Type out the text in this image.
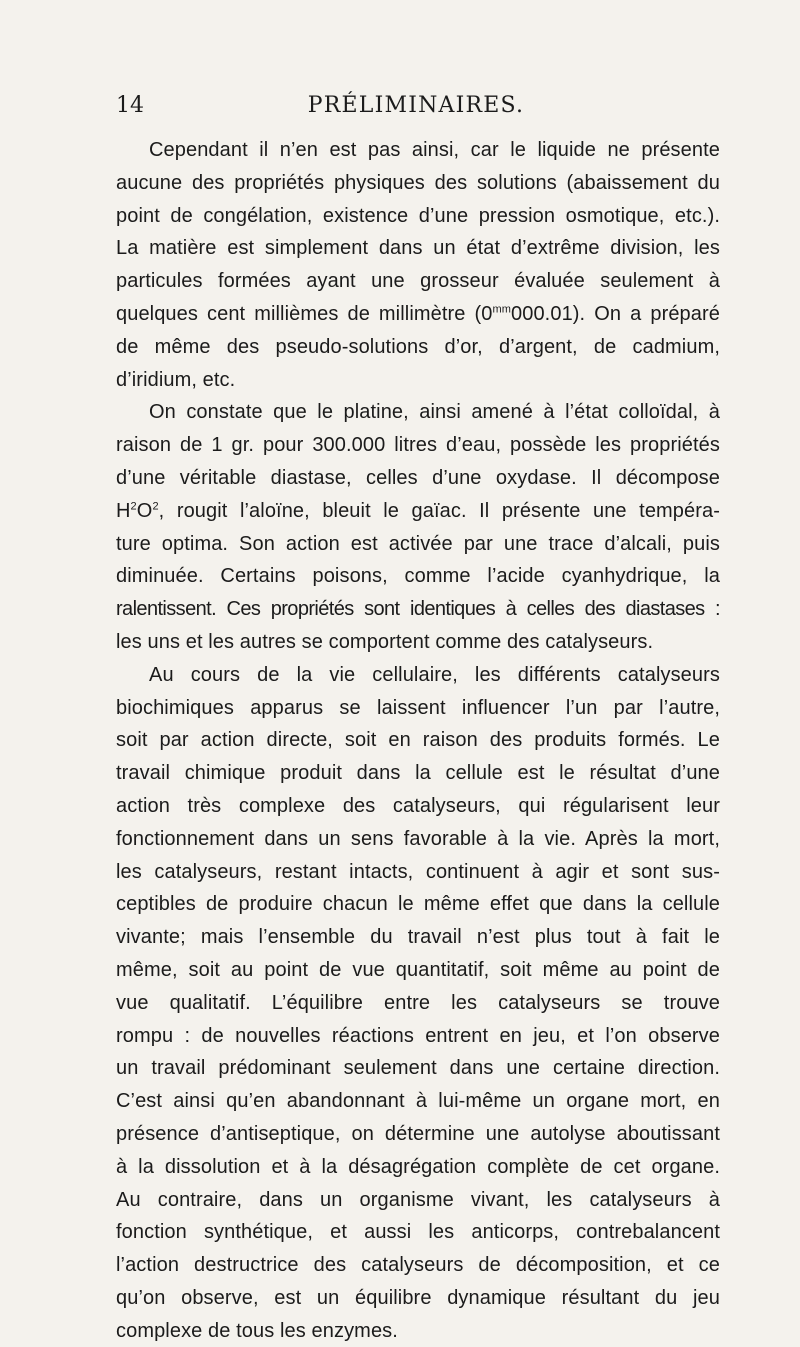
14	PRÉLIMINAIRES.
Cependant il n’en est pas ainsi, car le liquide ne présente
aucune des propriétés physiques des solutions (abaissement du
point de congélation, existence d’une pression osmotique, etc.).
La matière est simplement dans un état d’extrême division, les
particules formées ayant une grosseur évaluée seulement à
quelques cent millièmes de millimètre $(0^{mm}000.01)$. On a préparé
de même des pseudo-solutions d’or, d’argent, de cadmium,
d’iridium, etc.
On constate que le platine, ainsi amené à l’état colloïdal, à
raison de 1 gr. pour 300.000 litres d’eau, possède les propriétés
d’une véritable diastase, celles d’une oxydase. Il décompose
$H^2O^2$, rougit l’aloïne, bleuit le gaïac. Il présente une tempéra-
ture optima. Son action est activée par une trace d’alcali, puis
diminuée. Certains poisons, comme l’acide cyanhydrique, la
ralentissent. Ces propriétés sont identiques à celles des diastases :
les uns et les autres se comportent comme des catalyseurs.
Au cours de la vie cellulaire, les différents catalyseurs
biochimiques apparus se laissent influencer l’un par l’autre,
soit par action directe, soit en raison des produits formés. Le
travail chimique produit dans la cellule est le résultat d’une
action très complexe des catalyseurs, qui régularisent leur
fonctionnement dans un sens favorable à la vie. Après la mort,
les catalyseurs, restant intacts, continuent à agir et sont sus-
ceptibles de produire chacun le même effet que dans la cellule
vivante; mais l’ensemble du travail n’est plus tout à fait le
même, soit au point de vue quantitatif, soit même au point de
vue qualitatif. L’équilibre entre les catalyseurs se trouve
rompu : de nouvelles réactions entrent en jeu, et l’on observe
un travail prédominant seulement dans une certaine direction.
C’est ainsi qu’en abandonnant à lui-même un organe mort, en
présence d’antiseptique, on détermine une autolyse aboutissant
à la dissolution et à la désagrégation complète de cet organe.
Au contraire, dans un organisme vivant, les catalyseurs à
fonction synthétique, et aussi les anticorps, contrebalancent
l’action destructrice des catalyseurs de décomposition, et ce
qu’on observe, est un équilibre dynamique résultant du jeu
complexe de tous les enzymes.
